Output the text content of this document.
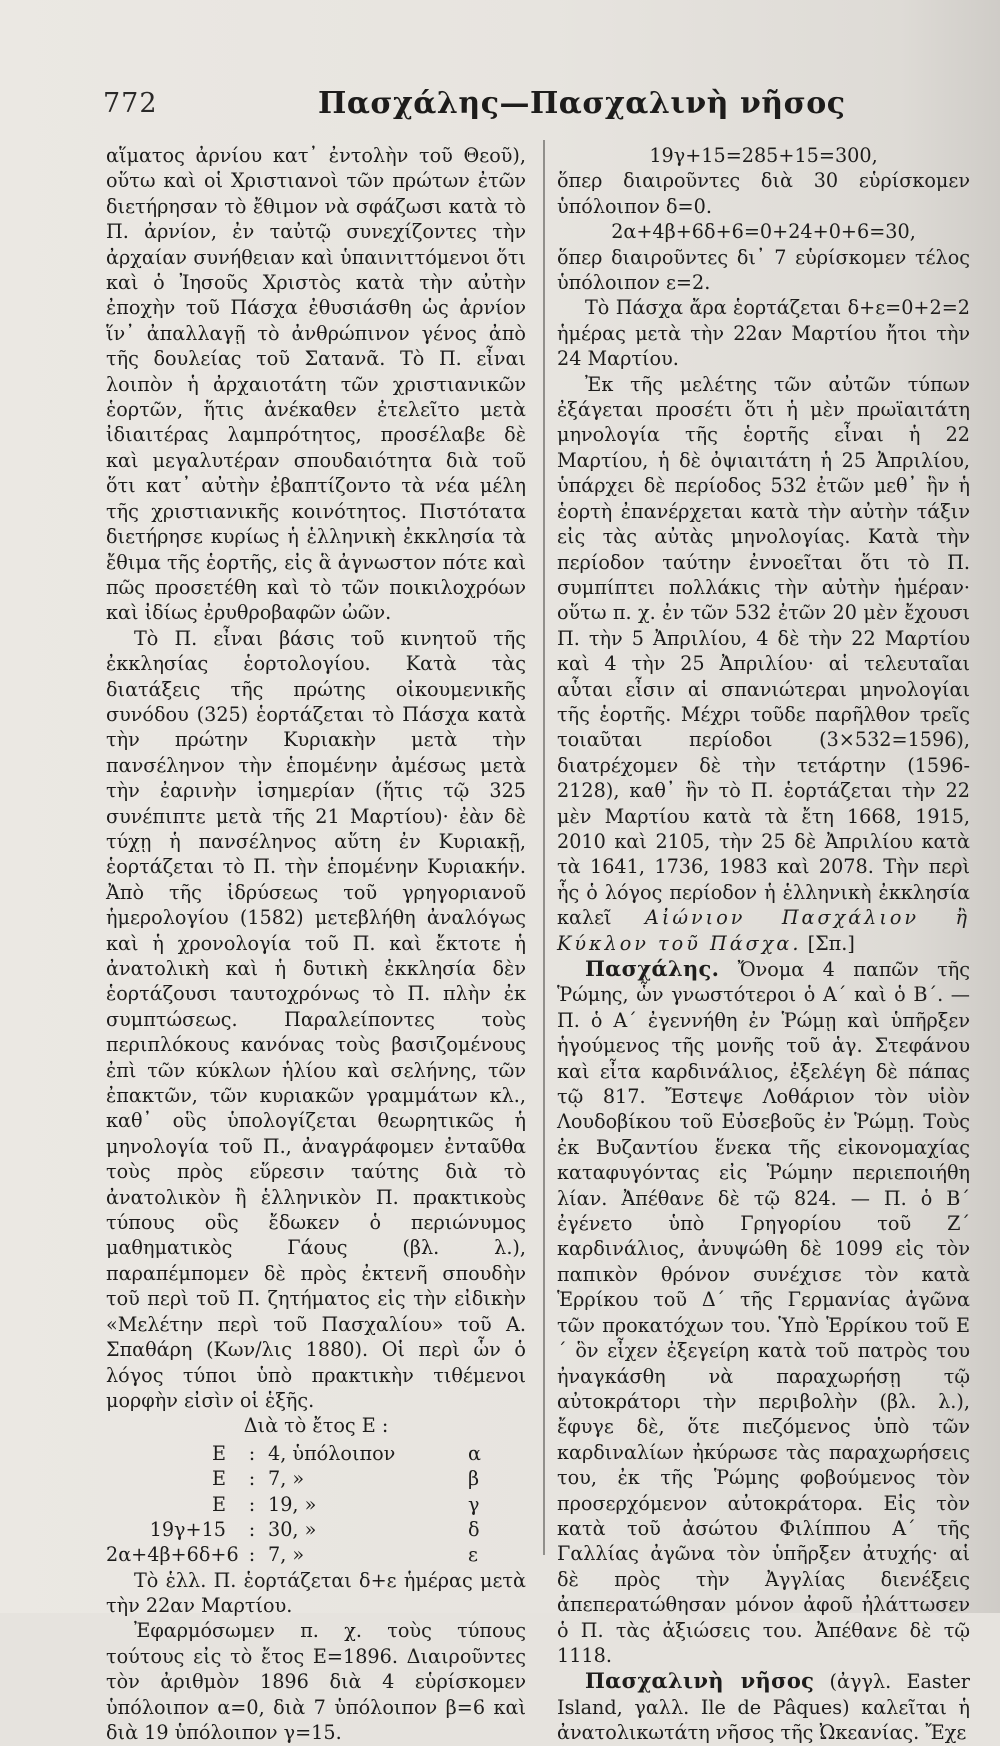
772	Πασχάλης—Πασχαλινὴ νῆσος

αἵματος ἀρνίου κατ᾽ ἐντολὴν τοῦ Θεοῦ), οὕτω καὶ οἱ Χριστιανοὶ τῶν πρώτων ἐτῶν διετήρησαν τὸ ἔθιμον νὰ σφάζωσι κατὰ τὸ Π. ἀρνίον, ἐν ταὐτῷ συνεχίζοντες τὴν ἀρχαίαν συνήθειαν καὶ ὑπαινιττόμενοι ὅτι καὶ ὁ Ἰησοῦς Χριστὸς κατὰ τὴν αὐτὴν ἐποχὴν τοῦ Πάσχα ἐθυσιάσθη ὡς ἀρνίον ἵν᾽ ἀπαλλαγῇ τὸ ἀνθρώπινον γένος ἀπὸ τῆς δουλείας τοῦ Σατανᾶ. Τὸ Π. εἶναι λοιπὸν ἡ ἀρχαιοτάτη τῶν χριστιανικῶν ἑορτῶν, ἥτις ἀνέκαθεν ἐτελεῖτο μετὰ ἰδιαιτέρας λαμπρότητος, προσέλαβε δὲ καὶ μεγαλυτέραν σπουδαιότητα διὰ τοῦ ὅτι κατ᾽ αὐτὴν ἐβαπτίζοντο τὰ νέα μέλη τῆς χριστιανικῆς κοινότητος. Πιστότατα διετήρησε κυρίως ἡ ἑλληνικὴ ἐκκλησία τὰ ἔθιμα τῆς ἑορτῆς, εἰς ἃ ἀγνωστον πότε καὶ πῶς προσετέθη καὶ τὸ τῶν ποικιλοχρόων καὶ ἰδίως ἐρυθροβαφῶν ὠῶν.

Τὸ Π. εἶναι βάσις τοῦ κινητοῦ τῆς ἐκκλησίας ἑορτολογίου. Κατὰ τὰς διατάξεις τῆς πρώτης οἰκουμενικῆς συνόδου (325) ἑορτάζεται τὸ Πάσχα κατὰ τὴν πρώτην Κυριακὴν μετὰ τὴν πανσέληνον τὴν ἑπομένην ἀμέσως μετὰ τὴν ἐαρινὴν ἰσημερίαν (ἥτις τῷ 325 συνέπιπτε μετὰ τῆς 21 Μαρτίου)· ἐὰν δὲ τύχῃ ἡ πανσέληνος αὕτη ἐν Κυριακῇ, ἑορτάζεται τὸ Π. τὴν ἑπομένην Κυριακήν. Ἀπὸ τῆς ἱδρύσεως τοῦ γρηγοριανοῦ ἡμερολογίου (1582) μετεβλήθη ἀναλόγως καὶ ἡ χρονολογία τοῦ Π. καὶ ἔκτοτε ἡ ἀνατολικὴ καὶ ἡ δυτικὴ ἐκκλησία δὲν ἑορτάζουσι ταυτοχρόνως τὸ Π. πλὴν ἐκ συμπτώσεως. Παραλείποντες τοὺς περιπλόκους κανόνας τοὺς βασιζομένους ἐπὶ τῶν κύκλων ἡλίου καὶ σελήνης, τῶν ἐπακτῶν, τῶν κυριακῶν γραμμάτων κλ., καθ᾽ οὓς ὑπολογίζεται θεωρητικῶς ἡ μηνολογία τοῦ Π., ἀναγράφομεν ἐνταῦθα τοὺς πρὸς εὕρεσιν ταύτης διὰ τὸ ἀνατολικὸν ἢ ἑλληνικὸν Π. πρακτικοὺς τύπους οὓς ἔδωκεν ὁ περιώνυμος μαθηματικὸς Γάους (βλ. λ.), παραπέμπομεν δὲ πρὸς ἐκτενῆ σπουδὴν τοῦ περὶ τοῦ Π. ζητήματος εἰς τὴν εἰδικὴν «Μελέτην περὶ τοῦ Πασχαλίου» τοῦ Α. Σπαθάρη (Κων/λις 1880). Οἱ περὶ ὧν ὁ λόγος τύποι ὑπὸ πρακτικὴν τιθέμενοι μορφὴν εἰσὶν οἱ ἑξῆς.

Διὰ τὸ ἔτος Ε :

Ε : 4, ὑπόλοιπον	α
Ε : 7, »	β
Ε : 19, »	γ
19γ+15 : 30, »	δ
2α+4β+6δ+6 : 7, »	ε

Τὸ ἑλλ. Π. ἑορτάζεται δ+ε ἡμέρας μετὰ τὴν 22αν Μαρτίου.

Ἐφαρμόσωμεν π. χ. τοὺς τύπους τούτους εἰς τὸ ἔτος Ε=1896. Διαιροῦντες τὸν ἀριθμὸν 1896 διὰ 4 εὑρίσκομεν ὑπόλοιπον α=0, διὰ 7 ὑπόλοιπον β=6 καὶ διὰ 19 ὑπόλοιπον γ=15.

19γ+15=285+15=300,

ὅπερ διαιροῦντες διὰ 30 εὑρίσκομεν ὑπόλοιπον δ=0.

2α+4β+6δ+6=0+24+0+6=30,

ὅπερ διαιροῦντες δι᾽ 7 εὑρίσκομεν τέλος ὑπόλοιπον ε=2.

Τὸ Πάσχα ἄρα ἑορτάζεται δ+ε=0+2=2 ἡμέρας μετὰ τὴν 22αν Μαρτίου ἤτοι τὴν 24 Μαρτίου.

Ἐκ τῆς μελέτης τῶν αὐτῶν τύπων ἐξάγεται προσέτι ὅτι ἡ μὲν πρωϊαιτάτη μηνολογία τῆς ἑορτῆς εἶναι ἡ 22 Μαρτίου, ἡ δὲ ὀψιαιτάτη ἡ 25 Ἀπριλίου, ὑπάρχει δὲ περίοδος 532 ἐτῶν μεθ᾽ ἣν ἡ ἑορτὴ ἐπανέρχεται κατὰ τὴν αὐτὴν τάξιν εἰς τὰς αὐτὰς μηνολογίας. Κατὰ τὴν περίοδον ταύτην ἐννοεῖται ὅτι τὸ Π. συμπίπτει πολλάκις τὴν αὐτὴν ἡμέραν· οὕτω π. χ. ἐν τῶν 532 ἐτῶν 20 μὲν ἔχουσι Π. τὴν 5 Ἀπριλίου, 4 δὲ τὴν 22 Μαρτίου καὶ 4 τὴν 25 Ἀπριλίου· αἱ τελευταῖαι αὗται εἶσιν αἱ σπανιώτεραι μηνολογίαι τῆς ἑορτῆς. Μέχρι τοῦδε παρῆλθον τρεῖς τοιαῦται περίοδοι (3×532=1596), διατρέχομεν δὲ τὴν τετάρτην (1596-2128), καθ᾽ ἣν τὸ Π. ἑορτάζεται τὴν 22 μὲν Μαρτίου κατὰ τὰ ἔτη 1668, 1915, 2010 καὶ 2105, τὴν 25 δὲ Ἀπριλίου κατὰ τὰ 1641, 1736, 1983 καὶ 2078. Τὴν περὶ ἧς ὁ λόγος περίοδον ἡ ἑλληνικὴ ἐκκλησία καλεῖ Αἰώνιον Πασχάλιον ἢ Κύκλον τοῦ Πάσχα. [Σπ.]

Πασχάλης. Ὄνομα 4 παπῶν τῆς Ῥώμης, ὧν γνωστότεροι ὁ Α´ καὶ ὁ Β´. — Π. ὁ Α´ ἐγεννήθη ἐν Ῥώμῃ καὶ ὑπῆρξεν ἡγούμενος τῆς μονῆς τοῦ ἁγ. Στεφάνου καὶ εἶτα καρδινάλιος, ἐξελέγη δὲ πάπας τῷ 817. Ἔστεψε Λοθάριον τὸν υἱὸν Λουδοβίκου τοῦ Εὐσεβοῦς ἐν Ῥώμῃ. Τοὺς ἐκ Βυζαντίου ἕνεκα τῆς εἰκονομαχίας καταφυγόντας εἰς Ῥώμην περιεποιήθη λίαν. Ἀπέθανε δὲ τῷ 824. — Π. ὁ Β´ ἐγένετο ὑπὸ Γρηγορίου τοῦ Ζ´ καρδινάλιος, ἀνυψώθη δὲ 1099 εἰς τὸν παπικὸν θρόνον συνέχισε τὸν κατὰ Ἑρρίκου τοῦ Δ´ τῆς Γερμανίας ἀγῶνα τῶν προκατόχων του. Ὑπὸ Ἑρρίκου τοῦ Ε´ ὃν εἶχεν ἐξεγείρη κατὰ τοῦ πατρὸς του ἠναγκάσθη νὰ παραχωρήσῃ τῷ αὐτοκράτορι τὴν περιβολὴν (βλ. λ.), ἔφυγε δὲ, ὅτε πιεζόμενος ὑπὸ τῶν καρδιναλίων ἠκύρωσε τὰς παραχωρήσεις του, ἐκ τῆς Ῥώμης φοβούμενος τὸν προσερχόμενον αὐτοκράτορα. Εἰς τὸν κατὰ τοῦ ἀσώτου Φιλίππου Α´ τῆς Γαλλίας ἀγῶνα τὸν ὑπῆρξεν ἀτυχής· αἱ δὲ πρὸς τὴν Ἀγγλίας διενέξεις ἀπεπερατώθησαν μόνον ἀφοῦ ἠλάττωσεν ὁ Π. τὰς ἀξιώσεις του. Ἀπέθανε δὲ τῷ 1118.

Πασχαλινὴ νῆσος (ἀγγλ. Easter Island, γαλλ. Ile de Pâques) καλεῖται ἡ ἀνατολικωτάτη νῆσος τῆς Ὠκεανίας. Ἔχε
